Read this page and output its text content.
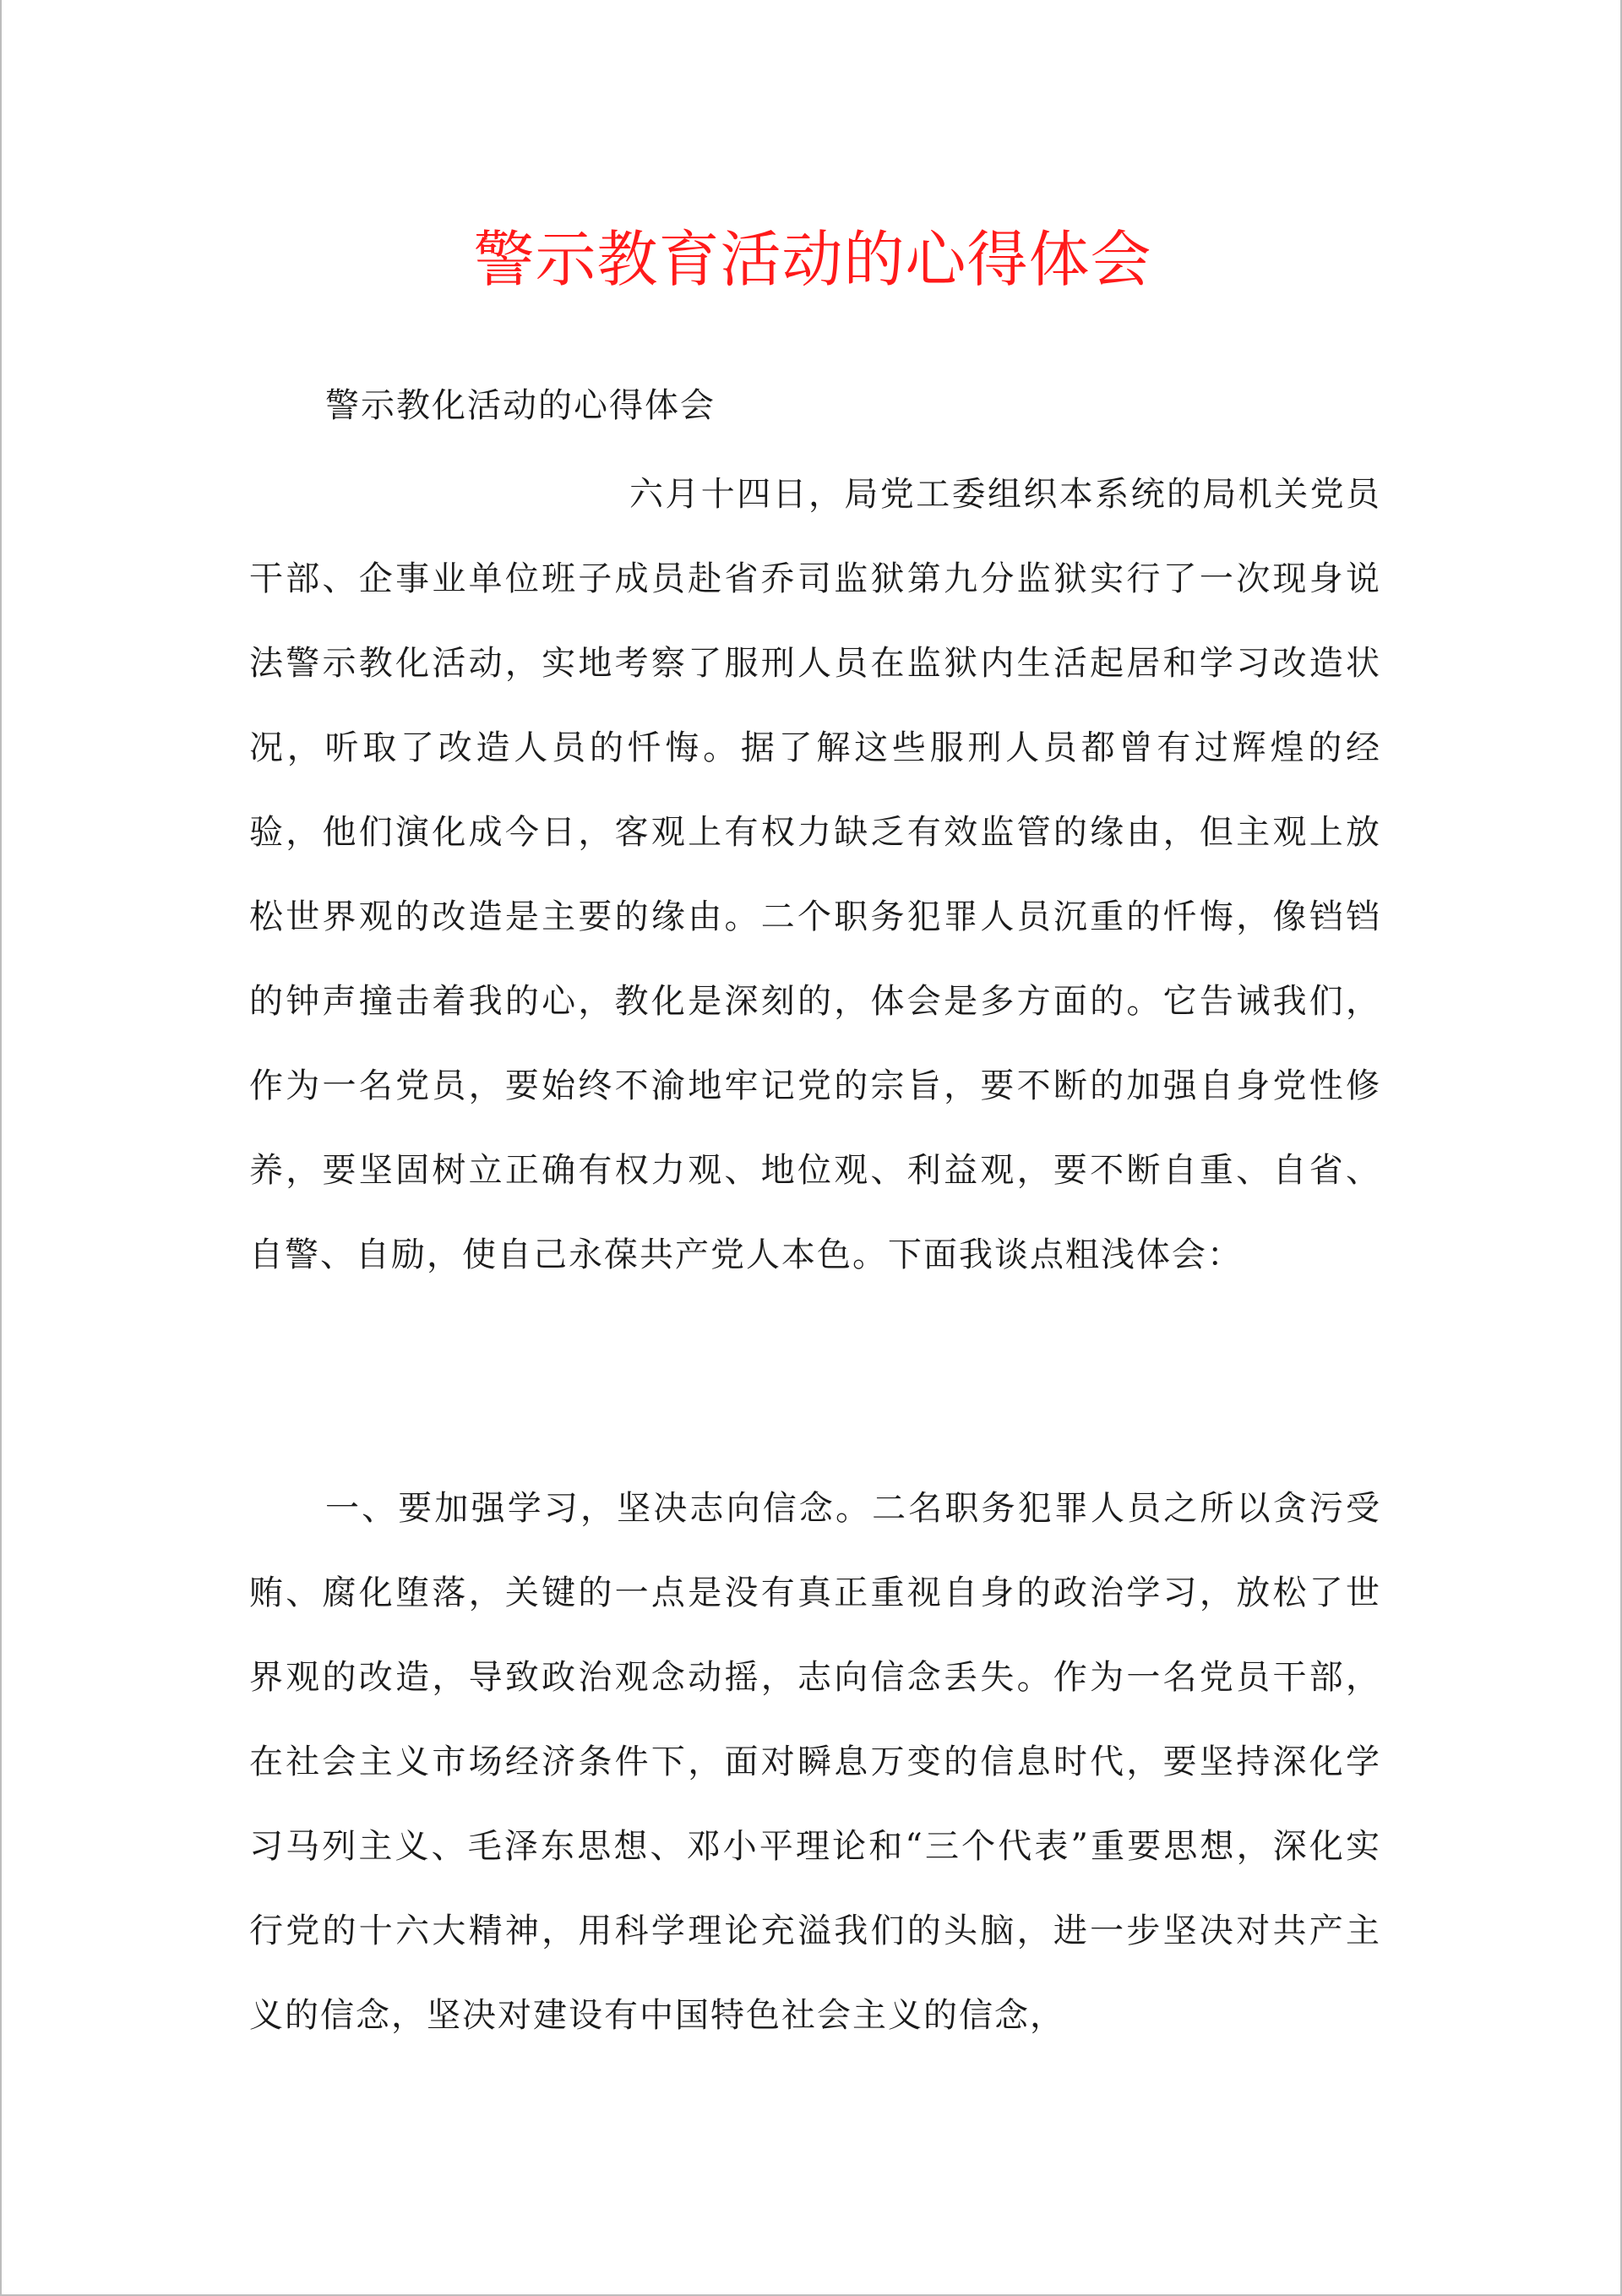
警示教育活动的心得体会
警示教化活动的心得体会

六月十四日，局党工委组织本系统的局机关党员干部、企事业单位班子成员赴省乔司监狱第九分监狱实行了一次现身说法警示教化活动，实地考察了服刑人员在监狱内生活起居和学习改造状况，听取了改造人员的忏悔。据了解这些服刑人员都曾有过辉煌的经验，他们演化成今日，客观上有权力缺乏有效监管的缘由，但主观上放松世界观的改造是主要的缘由。二个职务犯罪人员沉重的忏悔，像铛铛的钟声撞击着我的心，教化是深刻的，体会是多方面的。它告诫我们，作为一名党员，要始终不渝地牢记党的宗旨，要不断的加强自身党性修养，要坚固树立正确有权力观、地位观、利益观，要不断自重、自省、自警、自励，使自己永葆共产党人本色。下面我谈点粗浅体会：

一、要加强学习，坚决志向信念。二名职务犯罪人员之所以贪污受贿、腐化堕落，关键的一点是没有真正重视自身的政治学习，放松了世界观的改造，导致政治观念动摇，志向信念丢失。作为一名党员干部，在社会主义市场经济条件下，面对瞬息万变的信息时代，要坚持深化学习马列主义、毛泽东思想、邓小平理论和“三个代表”重要思想，深化实行党的十六大精神，用科学理论充溢我们的头脑，进一步坚决对共产主义的信念，坚决对建设有中国特色社会主义的信念，
